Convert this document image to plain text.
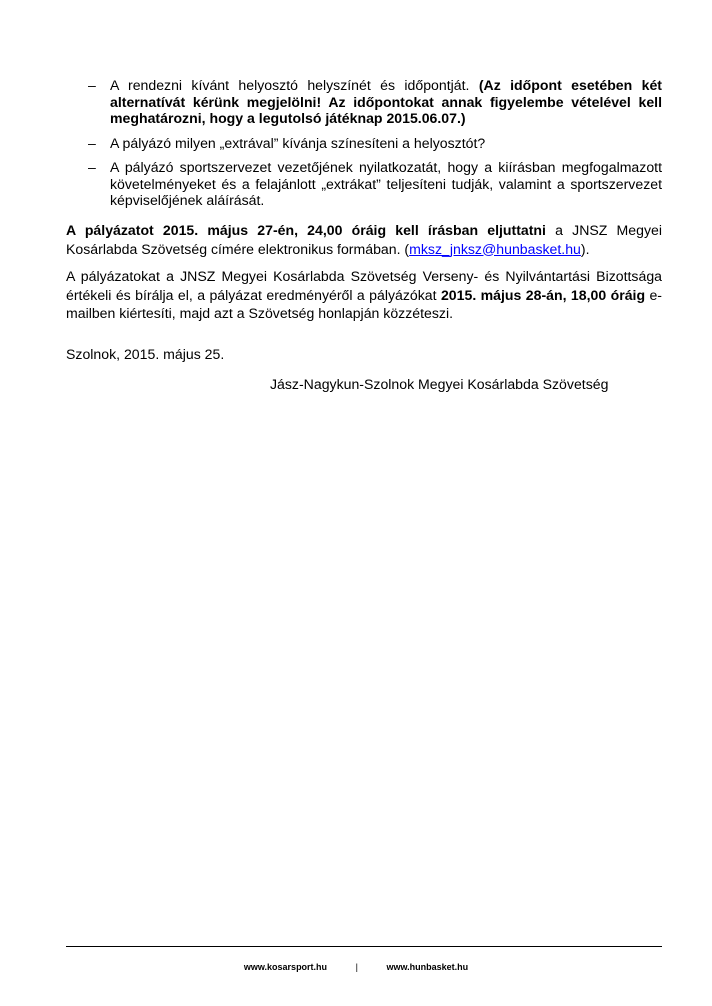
– A rendezni kívánt helyosztó helyszínét és időpontját. (Az időpont esetében két alternatívát kérünk megjelölni! Az időpontokat annak figyelembe vételével kell meghatározni, hogy a legutolsó játéknap 2015.06.07.)
– A pályázó milyen „extrával” kívánja színesíteni a helyosztót?
– A pályázó sportszervezet vezetőjének nyilatkozatát, hogy a kiírásban megfogalmazott követelményeket és a felajánlott „extrákat” teljesíteni tudják, valamint a sportszervezet képviselőjének aláírását.

A pályázatot 2015. május 27-én, 24,00 óráig kell írásban eljuttatni a JNSZ Megyei Kosárlabda Szövetség címére elektronikus formában. (mksz_jnksz@hunbasket.hu).

A pályázatokat a JNSZ Megyei Kosárlabda Szövetség Verseny- és Nyilvántartási Bizottsága értékeli és bírálja el, a pályázat eredményéről a pályázókat 2015. május 28-án, 18,00 óráig e-mailben kiértesíti, majd azt a Szövetség honlapján közzéteszi.

Szolnok, 2015. május 25.

Jász-Nagykun-Szolnok Megyei Kosárlabda Szövetség

www.kosarsport.hu	|	www.hunbasket.hu
